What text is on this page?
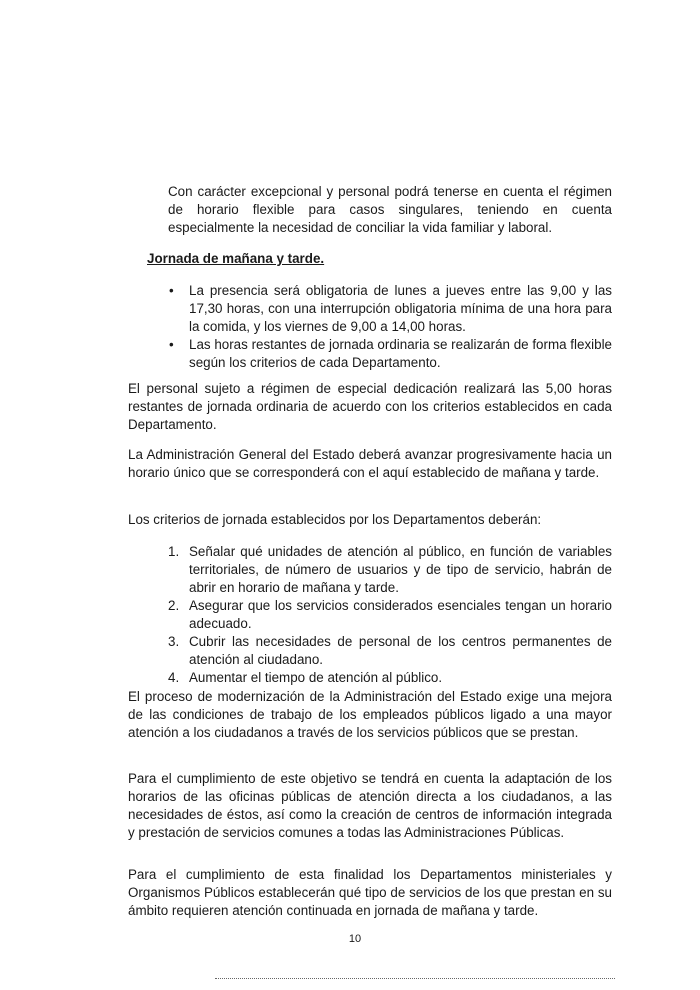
Con carácter excepcional y personal podrá tenerse en cuenta el régimen de horario flexible para casos singulares, teniendo en cuenta especialmente la necesidad de conciliar la vida familiar y laboral.

Jornada de mañana y tarde.

• La presencia será obligatoria de lunes a jueves entre las 9,00 y las 17,30 horas, con una interrupción obligatoria mínima de una hora para la comida, y los viernes de 9,00 a 14,00 horas.
• Las horas restantes de jornada ordinaria se realizarán de forma flexible según los criterios de cada Departamento.

El personal sujeto a régimen de especial dedicación realizará las 5,00 horas restantes de jornada ordinaria de acuerdo con los criterios establecidos en cada Departamento.

La Administración General del Estado deberá avanzar progresivamente hacia un horario único que se corresponderá con el aquí establecido de mañana y tarde.

Los criterios de jornada establecidos por los Departamentos deberán:

1. Señalar qué unidades de atención al público, en función de variables territoriales, de número de usuarios y de tipo de servicio, habrán de abrir en horario de mañana y tarde.
2. Asegurar que los servicios considerados esenciales tengan un horario adecuado.
3. Cubrir las necesidades de personal de los centros permanentes de atención al ciudadano.
4. Aumentar el tiempo de atención al público.

El proceso de modernización de la Administración del Estado exige una mejora de las condiciones de trabajo de los empleados públicos ligado a una mayor atención a los ciudadanos a través de los servicios públicos que se prestan.

Para el cumplimiento de este objetivo se tendrá en cuenta la adaptación de los horarios de las oficinas públicas de atención directa a los ciudadanos, a las necesidades de éstos, así como la creación de centros de información integrada y prestación de servicios comunes a todas las Administraciones Públicas.

Para el cumplimiento de esta finalidad los Departamentos ministeriales y Organismos Públicos establecerán qué tipo de servicios de los que prestan en su ámbito requieren atención continuada en jornada de mañana y tarde.

10
